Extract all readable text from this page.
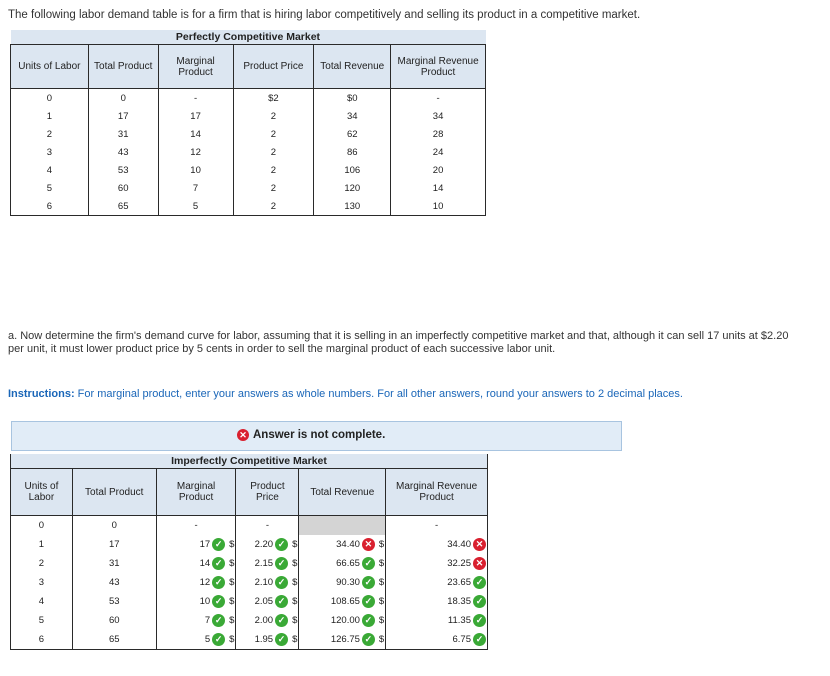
The following labor demand table is for a firm that is hiring labor competitively and selling its product in a competitive market.
Perfectly Competitive Market					
Units of Labor	Total Product	Marginal Product	Product Price	Total Revenue	Marginal Revenue Product
0	0	-	$2	$0	-
1	17	17	2	34	34
2	31	14	2	62	28
3	43	12	2	86	24
4	53	10	2	106	20
5	60	7	2	120	14
6	65	5	2	130	10
a. Now determine the firm's demand curve for labor, assuming that it is selling in an imperfectly competitive market and that, although it can sell 17 units at $2.20 per unit, it must lower product price by 5 cents in order to sell the marginal product of each successive labor unit.
Instructions: For marginal product, enter your answers as whole numbers. For all other answers, round your answers to 2 decimal places.
✕ Answer is not complete.
Imperfectly Competitive Market					
Units of Labor	Total Product	Marginal Product	Product Price	Total Revenue	Marginal Revenue Product
0	0	-	-		-
1	17	17 ✓ $	2.20 ✓ $	34.40 ✕ $	34.40 ✕

2	31	14 ✓ $	2.15 ✓ $	66.65 ✓ $	32.25 ✕

3	43	12 ✓ $	2.10 ✓ $	90.30 ✓ $	23.65 ✓

4	53	10 ✓ $	2.05 ✓ $	108.65 ✓ $	18.35 ✓

5	60	7 ✓ $	2.00 ✓ $	120.00 ✓ $	11.35 ✓

6	65	5 ✓ $	1.95 ✓ $	126.75 ✓ $	6.75 ✓
